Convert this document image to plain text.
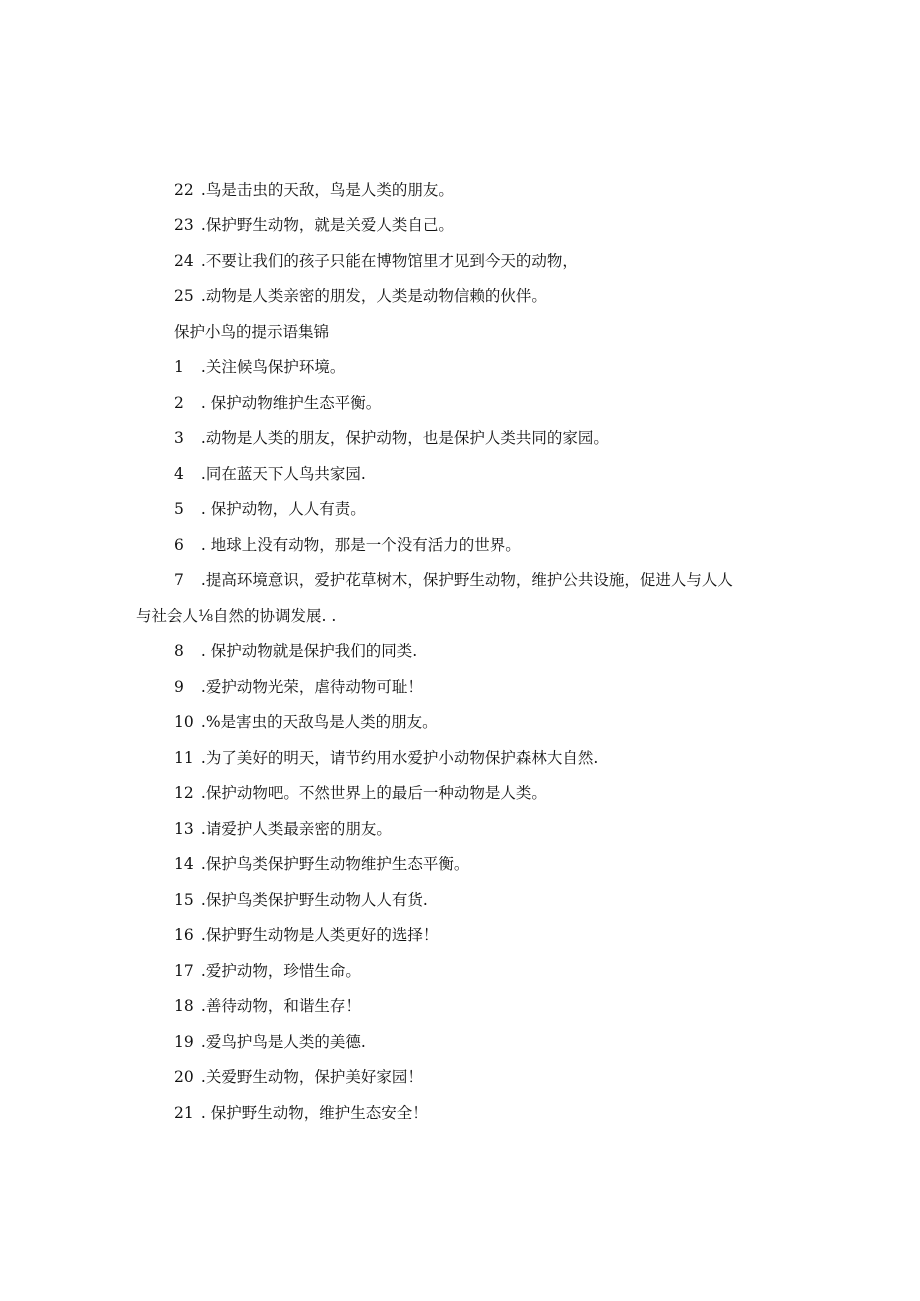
22 .鸟是击虫的天敌，鸟是人类的朋友。
23 .保护野生动物，就是关爱人类自己。
24 .不要让我们的孩子只能在博物馆里才见到今天的动物，
25 .动物是人类亲密的朋发，人类是动物信赖的伙伴。
保护小鸟的提示语集锦
1 .关注候鸟保护环境。
2 . 保护动物维护生态平衡。
3 .动物是人类的朋友，保护动物，也是保护人类共同的家园。
4 .同在蓝天下人鸟共家园.
5 . 保护动物，人人有责。
6 . 地球上没有动物，那是一个没有活力的世界。
7 .提高环境意识，爱护花草树木，保护野生动物，维护公共设施，促进人与人人
与社会人⅛自然的协调发展. .
8 . 保护动物就是保护我们的同类.
9 .爱护动物光荣，虐待动物可耻！
10 .%是害虫的天敌鸟是人类的朋友。
11 .为了美好的明天，请节约用水爱护小动物保护森林大自然.
12 .保护动物吧。不然世界上的最后一种动物是人类。
13 .请爱护人类最亲密的朋友。
14 .保护鸟类保护野生动物维护生态平衡。
15 .保护鸟类保护野生动物人人有货.
16 .保护野生动物是人类更好的选择！
17 .爱护动物，珍惜生命。
18 .善待动物，和谐生存！
19 .爱鸟护鸟是人类的美德.
20 .关爱野生动物，保护美好家园！
21 . 保护野生动物，维护生态安全！
